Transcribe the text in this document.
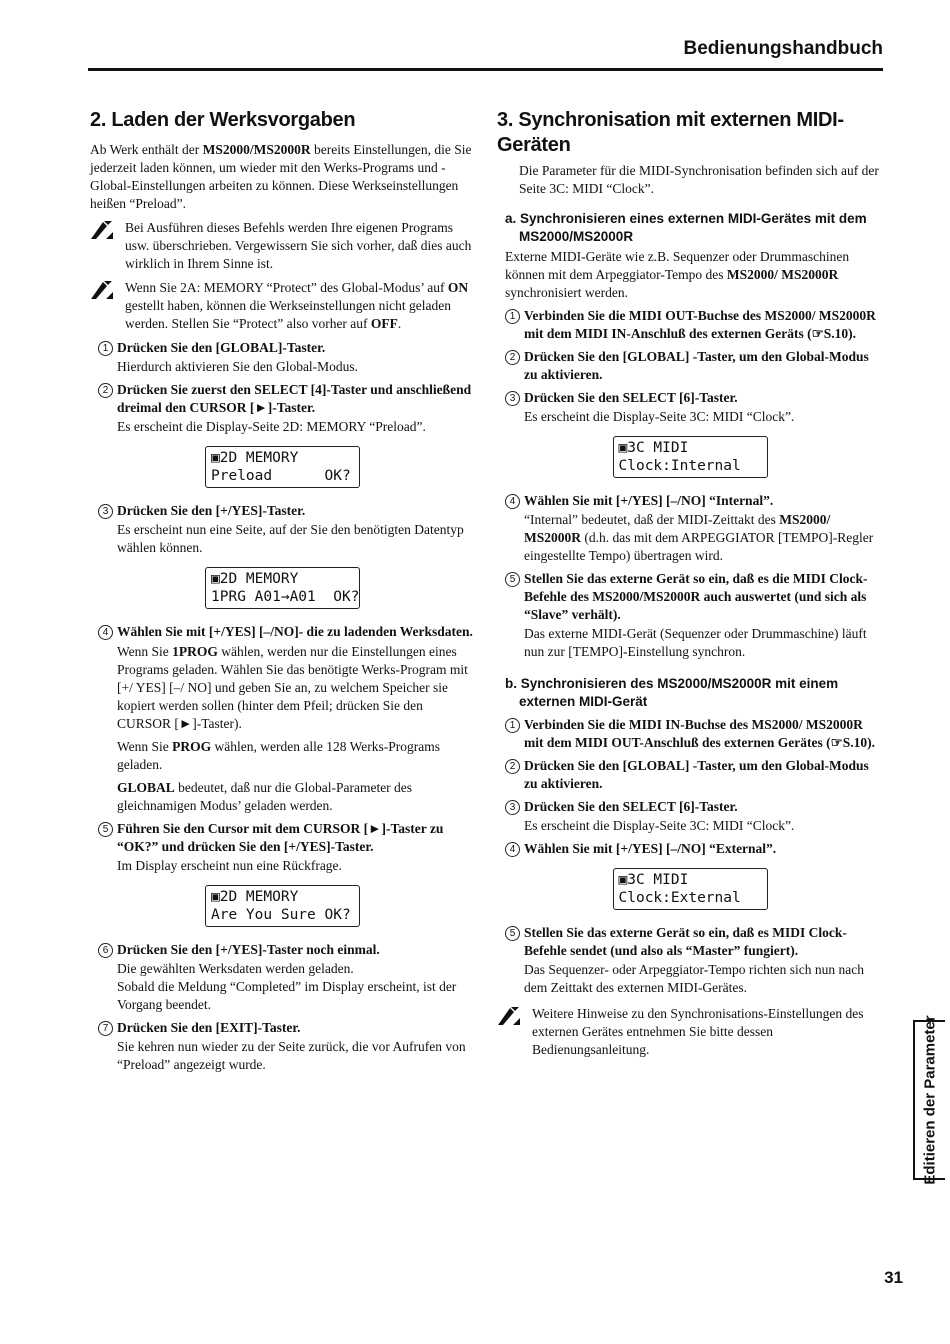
Bedienungshandbuch
2. Laden der Werksvorgaben

Ab Werk enthält der MS2000/MS2000R bereits Einstellungen, die Sie jederzeit laden können, um wieder mit den Werks-Programs und -Global-Einstellungen arbeiten zu können. Diese Werkseinstellungen heißen “Preload”.

Bei Ausführen dieses Befehls werden Ihre eigenen Programs usw. überschrieben. Vergewissern Sie sich vorher, daß dies auch wirklich in Ihrem Sinne ist.
Wenn Sie 2A: MEMORY “Protect” des Global-Modus’ auf ON gestellt haben, können die Werkseinstellungen nicht geladen werden. Stellen Sie “Protect” also vorher auf OFF.
1 Drücken Sie den [GLOBAL]-Taster.
Hierdurch aktivieren Sie den Global-Modus.
2 Drücken Sie zuerst den SELECT [4]-Taster und anschließend dreimal den CURSOR [►]-Taster.
Es erscheint die Display-Seite 2D: MEMORY “Preload”.
▣2D MEMORY
Preload      OK?
3 Drücken Sie den [+/YES]-Taster.
Es erscheint nun eine Seite, auf der Sie den benötigten Datentyp wählen können.
▣2D MEMORY
1PRG A01→A01  OK?
4 Wählen Sie mit [+/YES] [–/NO]- die zu ladenden Werksdaten.

Wenn Sie 1PROG wählen, werden nur die Einstellungen eines Programs geladen. Wählen Sie das benötigte Werks-Program mit [+/ YES] [–/ NO] und geben Sie an, zu welchem Speicher sie kopiert werden sollen (hinter dem Pfeil; drücken Sie den CURSOR [►]-Taster).

Wenn Sie PROG wählen, werden alle 128 Werks-Programs geladen.

GLOBAL bedeutet, daß nur die Global-Parameter des gleichnamigen Modus’ geladen werden.

5 Führen Sie den Cursor mit dem CURSOR [►]-Taster zu “OK?” und drücken Sie den [+/YES]-Taster.
Im Display erscheint nun eine Rückfrage.
▣2D MEMORY
Are You Sure OK?
6 Drücken Sie den [+/YES]-Taster noch einmal.
Die gewählten Werksdaten werden geladen.
Sobald die Meldung “Completed” im Display erscheint, ist der Vorgang beendet.
7 Drücken Sie den [EXIT]-Taster.
Sie kehren nun wieder zu der Seite zurück, die vor Aufrufen von “Preload” angezeigt wurde.
3. Synchronisation mit externen MIDI-Geräten

Die Parameter für die MIDI-Synchronisation befinden sich auf der Seite 3C: MIDI “Clock”.

a. Synchronisieren eines externen MIDI-Gerätes mit dem MS2000/MS2000R

Externe MIDI-Geräte wie z.B. Sequenzer oder Drummaschinen können mit dem Arpeggiator-Tempo des MS2000/ MS2000R synchronisiert werden.

1 Verbinden Sie die MIDI OUT-Buchse des MS2000/ MS2000R mit dem MIDI IN-Anschluß des externen Geräts (☞S.10).
2 Drücken Sie den [GLOBAL] -Taster, um den Global-Modus zu aktivieren.
3 Drücken Sie den SELECT [6]-Taster.
Es erscheint die Display-Seite 3C: MIDI “Clock”.
▣3C MIDI
Clock:Internal
4 Wählen Sie mit [+/YES] [–/NO] “Internal”.
“Internal” bedeutet, daß der MIDI-Zeittakt des MS2000/ MS2000R (d.h. das mit dem ARPEGGIATOR [TEMPO]-Regler eingestellte Tempo) übertragen wird.
5 Stellen Sie das externe Gerät so ein, daß es die MIDI Clock-Befehle des MS2000/MS2000R auch auswertet (und sich als “Slave” verhält).
Das externe MIDI-Gerät (Sequenzer oder Drummaschine) läuft nun zur [TEMPO]-Einstellung synchron.
b. Synchronisieren des MS2000/MS2000R mit einem externen MIDI-Gerät
1 Verbinden Sie die MIDI IN-Buchse des MS2000/ MS2000R mit dem MIDI OUT-Anschluß des externen Gerätes (☞S.10).
2 Drücken Sie den [GLOBAL] -Taster, um den Global-Modus zu aktivieren.
3 Drücken Sie den SELECT [6]-Taster.
Es erscheint die Display-Seite 3C: MIDI “Clock”.
4 Wählen Sie mit [+/YES] [–/NO] “External”.
▣3C MIDI
Clock:External
5 Stellen Sie das externe Gerät so ein, daß es MIDI Clock-Befehle sendet (und also als “Master” fungiert).
Das Sequenzer- oder Arpeggiator-Tempo richten sich nun nach dem Zeittakt des externen MIDI-Gerätes.
Weitere Hinweise zu den Synchronisations-Einstellungen des externen Gerätes entnehmen Sie bitte dessen Bedienungsanleitung.	Editieren der Parameter
31
